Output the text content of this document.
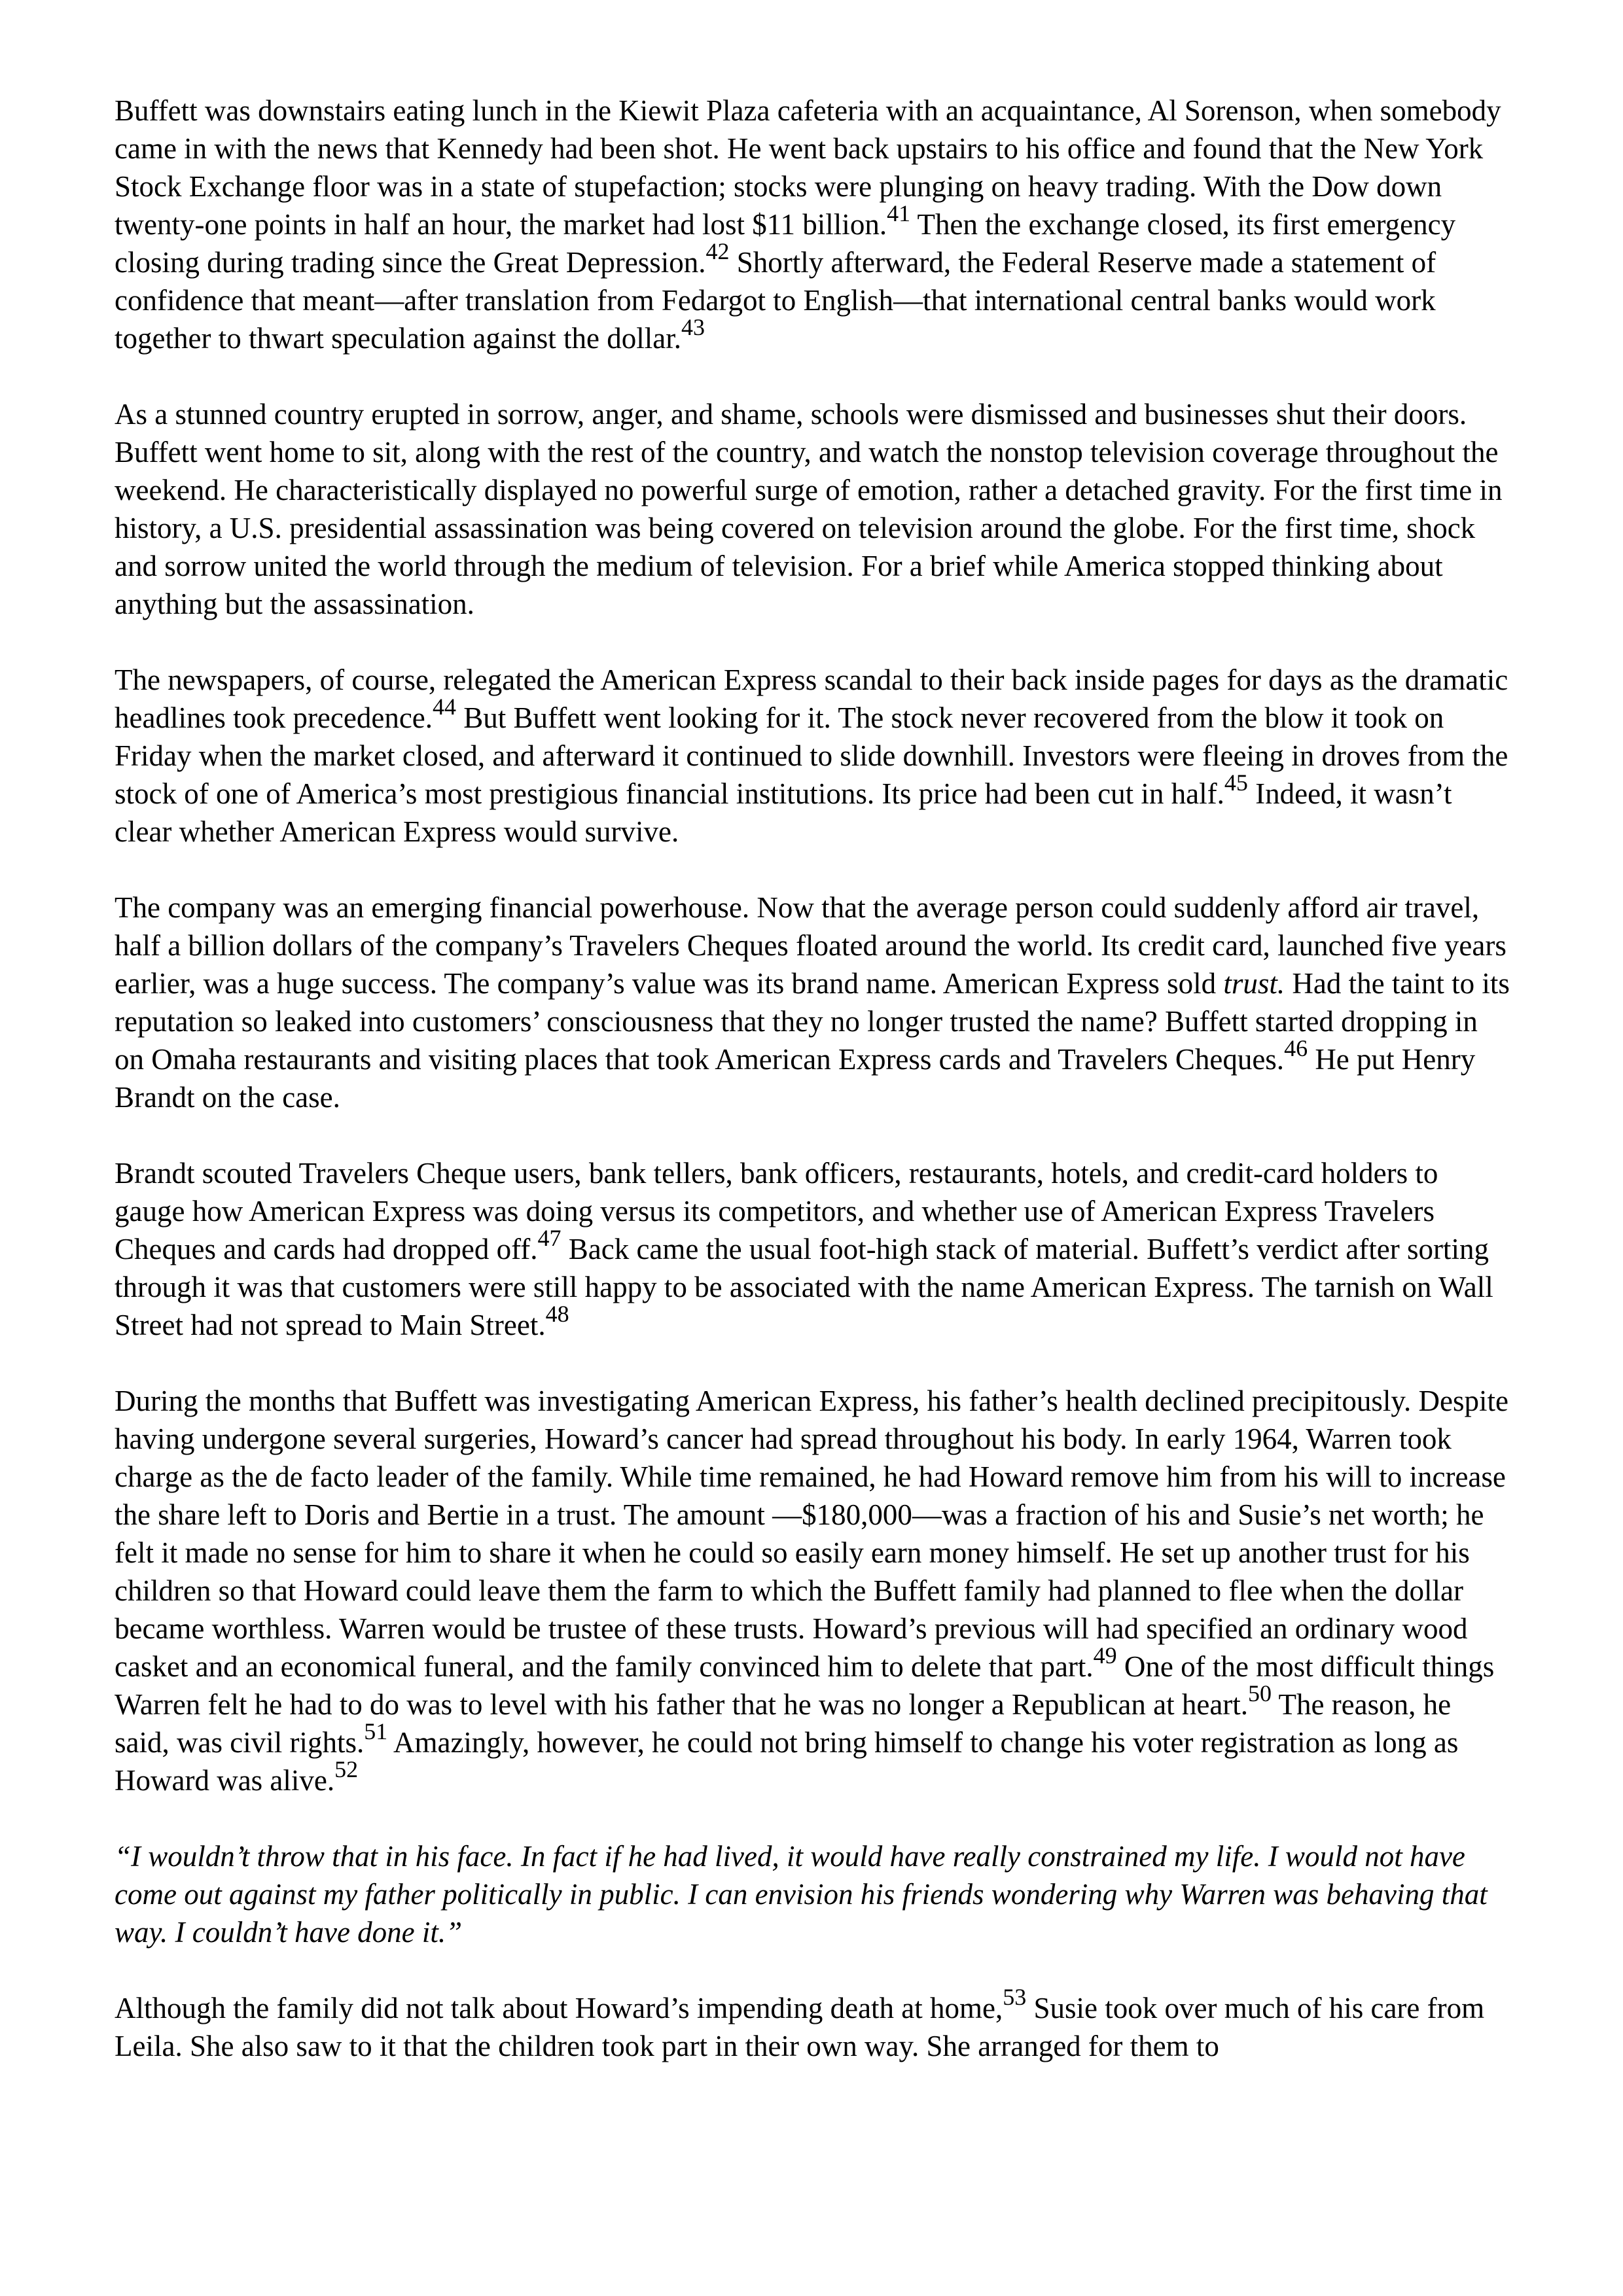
Buffett was downstairs eating lunch in the Kiewit Plaza cafeteria with an acquaintance, Al Sorenson, when somebody came in with the news that Kennedy had been shot. He went back upstairs to his office and found that the New York Stock Exchange floor was in a state of stupefaction; stocks were plunging on heavy trading. With the Dow down twenty-one points in half an hour, the market had lost $11 billion.$^{41}$ Then the exchange closed, its first emergency closing during trading since the Great Depression.$^{42}$ Shortly afterward, the Federal Reserve made a statement of confidence that meant—after translation from Fedargot to English—that international central banks would work together to thwart speculation against the dollar.$^{43}$

As a stunned country erupted in sorrow, anger, and shame, schools were dismissed and businesses shut their doors. Buffett went home to sit, along with the rest of the country, and watch the nonstop television coverage throughout the weekend. He characteristically displayed no powerful surge of emotion, rather a detached gravity. For the first time in history, a U.S. presidential assassination was being covered on television around the globe. For the first time, shock and sorrow united the world through the medium of television. For a brief while America stopped thinking about anything but the assassination.

The newspapers, of course, relegated the American Express scandal to their back inside pages for days as the dramatic headlines took precedence.$^{44}$ But Buffett went looking for it. The stock never recovered from the blow it took on Friday when the market closed, and afterward it continued to slide downhill. Investors were fleeing in droves from the stock of one of America’s most prestigious financial institutions. Its price had been cut in half.$^{45}$ Indeed, it wasn’t clear whether American Express would survive.

The company was an emerging financial powerhouse. Now that the average person could suddenly afford air travel, half a billion dollars of the company’s Travelers Cheques floated around the world. Its credit card, launched five years earlier, was a huge success. The company’s value was its brand name. American Express sold trust. Had the taint to its reputation so leaked into customers’ consciousness that they no longer trusted the name? Buffett started dropping in on Omaha restaurants and visiting places that took American Express cards and Travelers Cheques.$^{46}$ He put Henry Brandt on the case.

Brandt scouted Travelers Cheque users, bank tellers, bank officers, restaurants, hotels, and credit-card holders to gauge how American Express was doing versus its competitors, and whether use of American Express Travelers Cheques and cards had dropped off.$^{47}$ Back came the usual foot-high stack of material. Buffett’s verdict after sorting through it was that customers were still happy to be associated with the name American Express. The tarnish on Wall Street had not spread to Main Street.$^{48}$

During the months that Buffett was investigating American Express, his father’s health declined precipitously. Despite having undergone several surgeries, Howard’s cancer had spread throughout his body. In early 1964, Warren took charge as the de facto leader of the family. While time remained, he had Howard remove him from his will to increase the share left to Doris and Bertie in a trust. The amount —$180,000—was a fraction of his and Susie’s net worth; he felt it made no sense for him to share it when he could so easily earn money himself. He set up another trust for his children so that Howard could leave them the farm to which the Buffett family had planned to flee when the dollar became worthless. Warren would be trustee of these trusts. Howard’s previous will had specified an ordinary wood casket and an economical funeral, and the family convinced him to delete that part.$^{49}$ One of the most difficult things Warren felt he had to do was to level with his father that he was no longer a Republican at heart.$^{50}$ The reason, he said, was civil rights.$^{51}$ Amazingly, however, he could not bring himself to change his voter registration as long as Howard was alive.$^{52}$

“I wouldn’t throw that in his face. In fact if he had lived, it would have really constrained my life. I would not have come out against my father politically in public. I can envision his friends wondering why Warren was behaving that way. I couldn’t have done it.”

Although the family did not talk about Howard’s impending death at home,$^{53}$ Susie took over much of his care from Leila. She also saw to it that the children took part in their own way. She arranged for them to
